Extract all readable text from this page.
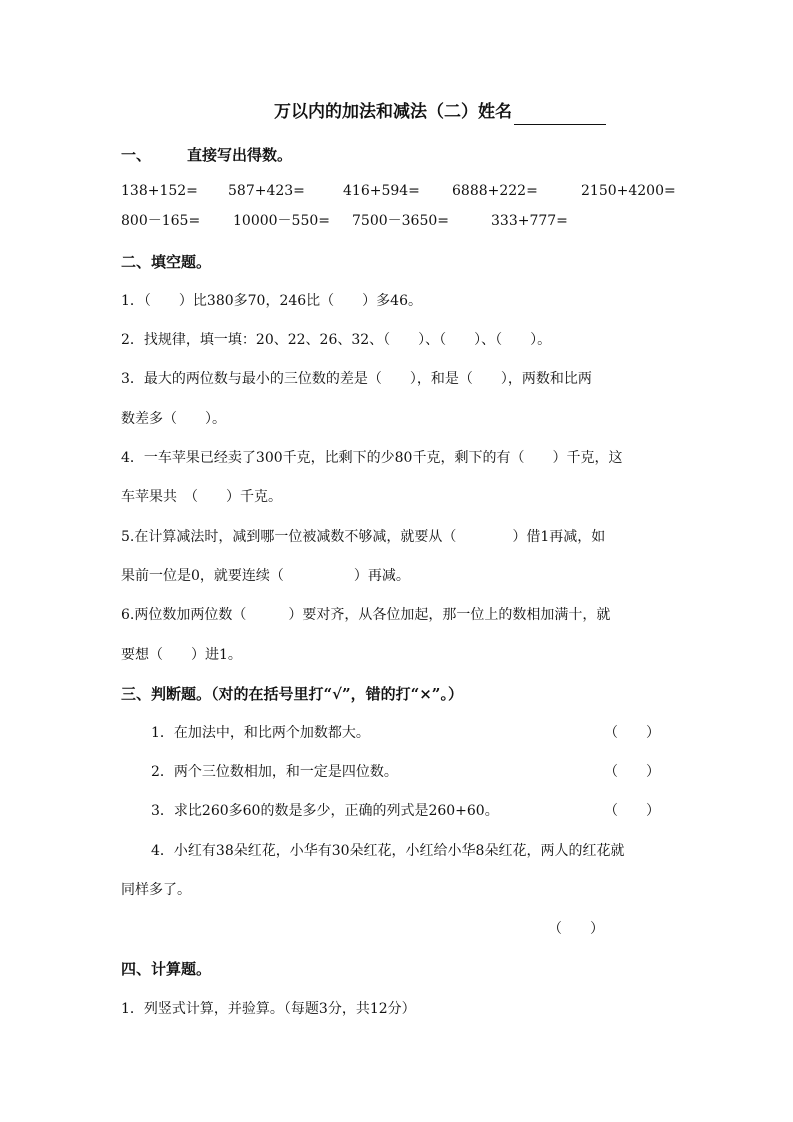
万以内的加法和减法（二）姓名
一、 直接写出得数。
138+152= 587+423=	416+594= 6888+222=	2150+4200=
800－165= 10000－550= 7500－3650=	333+777=
二、填空题。
1．（　　）比380多70，246比（　　）多46。
2．找规律，填一填：20、22、26、32、（　　）、（　　）、（　　）。
3．最大的两位数与最小的三位数的差是（　　），和是（　　），两数和比两
数差多（　　）。
4．一车苹果已经卖了300千克，比剩下的少80千克，剩下的有（　　）千克，这
车苹果共　（　　）千克。
5.在计算减法时，减到哪一位被减数不够减，就要从（　　　　）借1再减，如
果前一位是0，就要连续（　　　　　）再减。
6.两位数加两位数（　　　）要对齐，从各位加起，那一位上的数相加满十，就
要想（　　）进1。
三、判断题。（对的在括号里打“√”，错的打“×”。）
1．在加法中，和比两个加数都大。	（　　）
2．两个三位数相加，和一定是四位数。	（　　）
3．求比260多60的数是多少，正确的列式是260+60。	（　　）
4．小红有38朵红花，小华有30朵红花，小红给小华8朵红花，两人的红花就
同样多了。
（　　）
四、计算题。
1．列竖式计算，并验算。（每题3分，共12分）
